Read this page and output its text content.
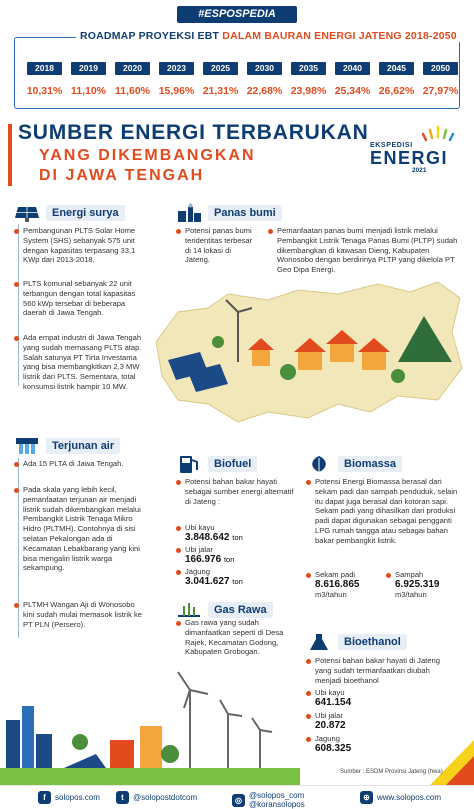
#ESPOSPEDIA
ROADMAP PROYEKSI EBT DALAM BAURAN ENERGI JATENG 2018-2050
2018
10,31%
2019
11,10%
2020
11,60%
2023
15,96%
2025
21,31%
2030
22,68%
2035
23,98%
2040
25,34%
2045
26,62%
2050
27,97%
SUMBER ENERGI TERBARUKAN
YANG DIKEMBANGKAN
DI JAWA TENGAH
EKSPEDISI
ENERGI
2021
Energi surya
Pembangunan PLTS Solar Home System (SHS) sebanyak 575 unit dengan kapasitas terpasang 33,1 KWp dari 2013-2018.
PLTS komunal sebanyak 22 unit terbangun dengan total kapasitas 560 kWp tersebar di beberapa daerah di Jawa Tengah.
Ada empat industri di Jawa Tengah yang sudah memasang PLTS atap. Salah satunya PT Tirta Investama yang bisa membangkitkan 2,3 MW listrik dari PLTS. Sementara, total konsumsi listrik hampir 10 MW.
Panas bumi
Potensi panas bumi teridentitas terbesar di 14 lokasi di Jateng.
Pemanfaatan panas bumi menjadi listrik melalui Pembangkit Listrik Tenaga Panas Bumi (PLTP) sudah dikembangkan di kawasan Dieng, Kabupaten Wonosobo dengan berdirinya PLTP yang dikelola PT Geo Dipa Energi.
Terjunan air
Ada 15 PLTA di Jawa Tengah.
Pada skala yang lebih kecil, pemanfaatan terjunan air menjadi listrik sudah dikembangkan melalui Pembangkit Listrik Tenaga Mikro Hidro (PLTMH). Contohnya di sisi selatan Pekalongan ada di Kecamatan Lebakbarang yang kini bisa mengaliri listrik warga sekampung.
PLTMH Wangan Aji di Wonosobo kini sudah mulai memasok listrik ke PT PLN (Persero).
Biofuel
Potensi bahan bakar hayati sebagai sumber energi alternatif di Jateng :
Ubi kayu
3.848.642 ton
Ubi jalar
166.976 ton
Jagung
3.041.627 ton
Biomassa
Potensi Energi Biomassa berasal dari sekam padi dan sampah penduduk, selain itu dapat juga berasal dari kotoran sapi. Sekam padi yang dihasilkan dari produksi padi dapat digunakan sebagai pengganti LPG rumah tangga atau sebagai bahan bakar pembangkit listrik.
Sekam padi
8.616.865
m3/tahun
Sampah
6.925.319
m3/tahun
Gas Rawa
Gas rawa yang sudah dimanfaatkan seperti di Desa Rajek, Kecamatan Godong, Kabupaten Grobogan.
Bioethanol
Potensi bahan bakar hayati di Jateng yang sudah termanfaatkan diubah menjadi bioethanol
Ubi kayu
641.154
Ubi jalar
20.872
Jagung
608.325
Sumber : ESDM Provinsi Jateng (hwa)
f	solopos.com	t	@solopostdotcom	◎ @solopos_com
@koransolopos
⊕ www.solopos.com
